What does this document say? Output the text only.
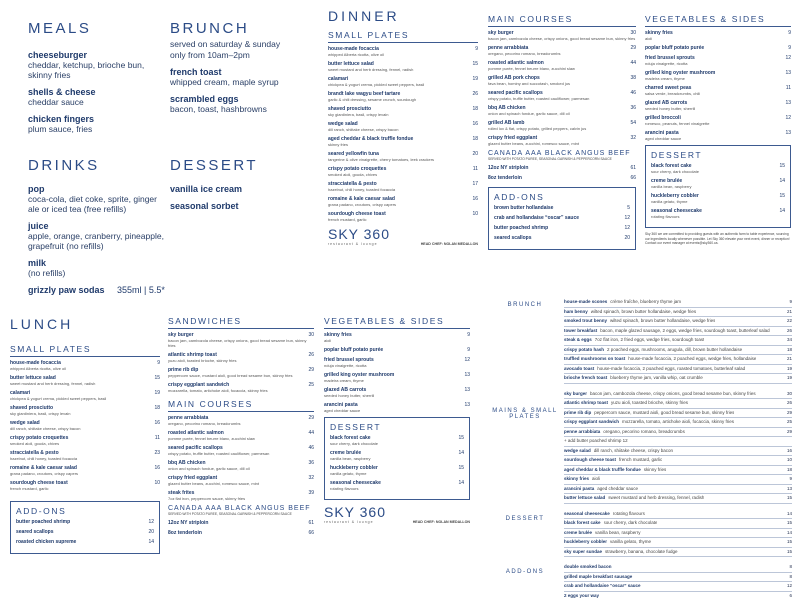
MEALS
cheeseburger
cheddar, ketchup, brioche bun, skinny fries
shells & cheese
cheddar sauce
chicken fingers
plum sauce, fries
BRUNCH
served on saturday & sunday only from 10am–2pm
french toast
whipped cream, maple syrup
scrambled eggs
bacon, toast, hashbrowns
DRINKS
pop
coca-cola, diet coke, sprite, ginger ale or iced tea (free refills)
juice
apple, orange, cranberry, pineapple, grapefruit (no refills)
milk
(no refills)
grizzly paw sodas 355ml | 5.5*
DESSERT
vanilla ice cream
seasonal sorbet
DINNER
SMALL PLATES
house-made focaccia	9
whipped Alberta ricotta, olive oil
butter lettuce salad	15
sweet mustard and herb dressing, fennel, radish
calamari	19
chickpea & yogurt crema, pickled sweet peppers, basil
brandt lake wagyu beef tartare	26
garlic & chili dressing, sesame crunch, sourdough
shaved prosciutto	18
sky giardiniera, basil, crispy levain
wedge salad	16
dill ranch, shiitake cheese, crispy bacon
aged cheddar & black truffle fondue	18
skinny fries
seared yellowfin tuna	20
tangerine & olive vinaigrette, cherry tomatoes, leek crackers
crispy potato croquettes	11
smoked aioli, gouda, chives
stracciatella & pesto	17
hazelnut, chili honey, toasted focaccia
romaine & kale caesar salad	16
grana padano, croutons, crispy capers
sourdough cheese toast	10
french mustard, garlic
SKY 360
restaurant & lounge	HEAD CHEF: NOLAN MEDALLON
MAIN COURSES
sky burger	30
bacon jam, cambozola cheese, crispy onions, good bread sesame bun, skinny fries
penne arrabbiata	29
oregano, pecorino romano, breadcrumbs
roasted atlantic salmon	44
pomme purée, fennel beurre blanc, zucchini slaw
grilled AB pork chops	38
fava bean, hominy and succotash, smoked jus
seared pacific scallops	46
crispy potato, truffle butter, roasted cauliflower, parmesan
bbq AB chicken	36
onion and spinach fondue, garlic sauce, dill oil
grilled AB lamb	54
rolled lox & flat, crispy potato, grilled peppers, calvin jus
crispy fried eggplant	32
glazed butter beans, zucchini, romesco sauce, mint
CANADA AAA BLACK ANGUS BEEF
SERVED WITH POTATO PUREE, SEASONAL GARNISH & PEPPERCORN SAUCE
12oz NY striploin	61
8oz tenderloin	66
ADD-ONS
brown butter hollandaise	5
crab and hollandaise “oscar” sauce	12
butter poached shrimp	12
seared scallops	20
VEGETABLES & SIDES
skinny fries	9
aioli
poplar bluff potato purée	9
fried brussel sprouts	12
nduja vinaigrette, ricotta
grilled king oyster mushroom	13
madeira cream, thyme
charred sweet peas	11
salsa verde, breadcrumbs, chili
glazed AB carrots	13
seeded honey butter, sherrill
grilled broccoli	12
romesco, peanuts, fennel vinaigrette
arancini pasta	13
aged cheddar sauce
DESSERT
black forest cake	15
sour cherry, dark chocolate
creme brulée	14
vanilla bean, raspberry
huckleberry cobbler	15
vanilla gelato, thyme
seasonal cheesecake	14
rotating flavours
Sky 360 we are committed to providing guests with an authentic farm to table experience, sourcing our ingredients locally whenever possible. Let Sky 360 elevate your next event, dinner or reception! Contact our event manager at events@sky360.ca.
LUNCH
SMALL PLATES
house-made focaccia	9
whipped Alberta ricotta, olive oil
butter lettuce salad	15
sweet mustard and herb dressing, fennel, radish
calamari	19
chickpea & yogurt crema, pickled sweet peppers, basil
shaved prosciutto	18
sky giardiniera, basil, crispy levain
wedge salad	16
dill ranch, shiitake cheese, crispy bacon
crispy potato croquettes	11
smoked aioli, gouda, chives
stracciatella & pesto	23
hazelnut, chili honey, toasted focaccia
romaine & kale caesar salad	16
grana padano, croutons, crispy capers
sourdough cheese toast	10
french mustard, garlic
ADD-ONS
butter poached shrimp	12
seared scallops	20
roasted chicken supreme	14
SANDWICHES
sky burger	30
bacon jam, cambozola cheese, crispy onions, good bread sesame bun, skinny fries
atlantic shrimp toast	26
yuzu aioli, toasted brioche, skinny fries
prime rib dip	29
peppercorn sauce, mustard aioli, good bread sesame bun, skinny fries
crispy eggplant sandwich	25
mozzarella, tomato, artichoke aioli, focaccia, skinny fries
MAIN COURSES
penne arrabbiata	29
oregano, pecorino romano, breadcrumbs
roasted atlantic salmon	44
pomme purée, fennel beurre blanc, zucchini slaw
seared pacific scallops	46
crispy potato, truffle butter, roasted cauliflower, parmesan
bbq AB chicken	36
onion and spinach fondue, garlic sauce, dill oil
crispy fried eggplant	32
glazed butter beans, zucchini, romesco sauce, mint
steak frites	39
7oz flat iron, peppercorn sauce, skinny fries
CANADA AAA BLACK ANGUS BEEF
SERVED WITH POTATO PUREE, SEASONAL GARNISH & PEPPERCORN SAUCE
12oz NY striploin	61
8oz tenderloin	66
VEGETABLES & SIDES
skinny fries	9
aioli
poplar bluff potato purée	9
fried brussel sprouts	12
nduja vinaigrette, ricotta
grilled king oyster mushroom	13
madeira cream, thyme
glazed AB carrots	13
seeded honey butter, sherrill
arancini pasta	13
aged cheddar sauce
DESSERT
black forest cake	15
sour cherry, dark chocolate
creme brulée	14
vanilla bean, raspberry
huckleberry cobbler	15
vanilla gelato, thyme
seasonal cheesecake	14
rotating flavours
SKY 360
restaurant & lounge	HEAD CHEF: NOLAN MEDALLON
BRUNCH
house-made scones crème fraîche, blueberry thyme jam	9
ham benny wilted spinach, brown butter hollandaise, wedge fries	21
smoked trout benny wilted spinach, brown butter hollandaise, wedge fries	22
tower breakfast bacon, maple glazed sausage, 2 eggs, wedge fries, sourdough toast, butterleaf salad	26
steak & eggs 7oz flat iron, 2 fried eggs, wedge fries, sourdough toast	34
crispy potato hash 2 poached eggs, mushrooms, arugula, dill, brown butter hollandaise	18
truffled mushrooms on toast house-made focaccia, 2 poached eggs, wedge fries, hollandaise	21
avocado toast house-made focaccia, 2 poached eggs, roasted tomatoes, butterleaf salad	19
brioche french toast blueberry thyme jam, vanilla whip, oat crumble	19
MAINS & SMALL PLATES
sky burger bacon jam, cambozola cheese, crispy onions, good bread sesame bun, skinny fries	30
atlantic shrimp toast yuzu aioli, toasted brioche, skinny fries	26
prime rib dip peppercorn sauce, mustard aioli, good bread sesame bun, skinny fries	29
crispy eggplant sandwich mozzarella, tomato, artichoke aioli, focaccia, skinny fries	25
penne arrabbiata oregano, pecorino romano, breadcrumbs	29
+ add butter poached shrimp 12
wedge salad dill ranch, shiitake cheese, crispy bacon	16
sourdough cheese toast french mustard, garlic	10
aged cheddar & black truffle fondue skinny fries	18
skinny fries aioli	9
arancini pasta aged cheddar sauce	13
butter lettuce salad sweet mustard and herb dressing, fennel, radish	15
DESSERT
seasonal cheesecake rotating flavours	14
black forest cake sour cherry, dark chocolate	15
creme brulée vanilla bean, raspberry	14
huckleberry cobbler vanilla gelato, thyme	15
sky super sundae strawberry, banana, chocolate fudge	15
ADD-ONS
double smoked bacon	8
grilled maple breakfast sausage	8
crab and hollandaise “oscar” sauce	12
2 eggs your way	6
